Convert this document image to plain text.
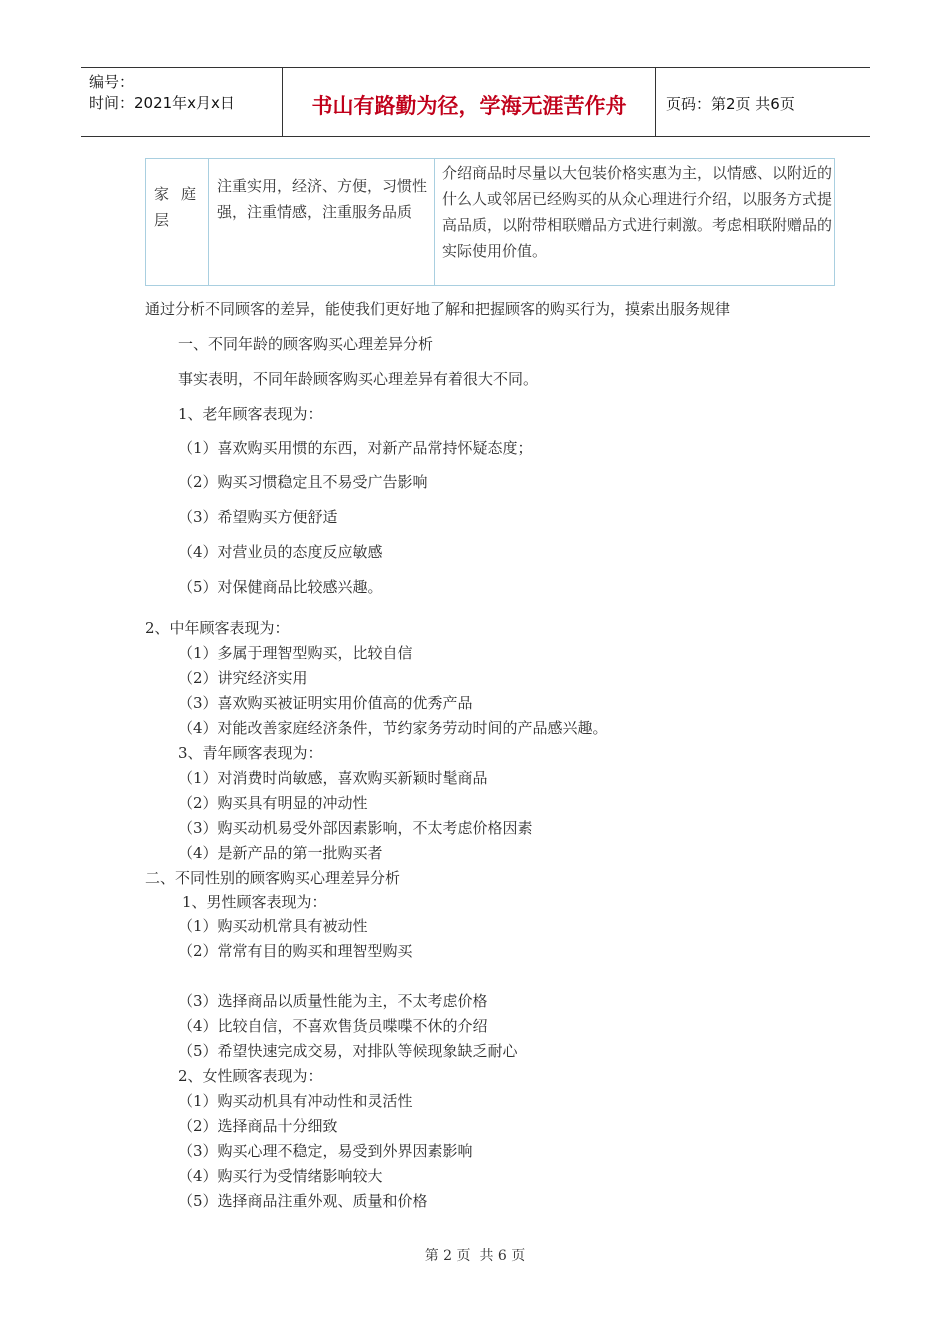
编号：
时间：2021年x月x日	书山有路勤为径，学海无涯苦作舟	页码：第2页 共6页
家庭
层
注重实用，经济、方便，习惯性强，注重情感，注重服务品质
介绍商品时尽量以大包装价格实惠为主，以情感、以附近的什么人或邻居已经购买的从众心理进行介绍，以服务方式提高品质，以附带相联赠品方式进行刺激。考虑相联附赠品的实际使用价值。
通过分析不同顾客的差异，能使我们更好地了解和把握顾客的购买行为，摸索出服务规律
一、不同年龄的顾客购买心理差异分析
事实表明，不同年龄顾客购买心理差异有着很大不同。
1、老年顾客表现为：
（1）喜欢购买用惯的东西，对新产品常持怀疑态度；
（2）购买习惯稳定且不易受广告影响
（3）希望购买方便舒适
（4）对营业员的态度反应敏感
（5）对保健商品比较感兴趣。
2、中年顾客表现为：
（1）多属于理智型购买，比较自信
（2）讲究经济实用
（3）喜欢购买被证明实用价值高的优秀产品
（4）对能改善家庭经济条件，节约家务劳动时间的产品感兴趣。
3、青年顾客表现为：
（1）对消费时尚敏感，喜欢购买新颖时髦商品
（2）购买具有明显的冲动性
（3）购买动机易受外部因素影响，不太考虑价格因素
（4）是新产品的第一批购买者
二、不同性别的顾客购买心理差异分析
1、男性顾客表现为：
（1）购买动机常具有被动性
（2）常常有目的购买和理智型购买
（3）选择商品以质量性能为主，不太考虑价格
（4）比较自信，不喜欢售货员喋喋不休的介绍
（5）希望快速完成交易，对排队等候现象缺乏耐心
2、女性顾客表现为：
（1）购买动机具有冲动性和灵活性
（2）选择商品十分细致
（3）购买心理不稳定，易受到外界因素影响
（4）购买行为受情绪影响较大
（5）选择商品注重外观、质量和价格
第 2 页  共 6 页
